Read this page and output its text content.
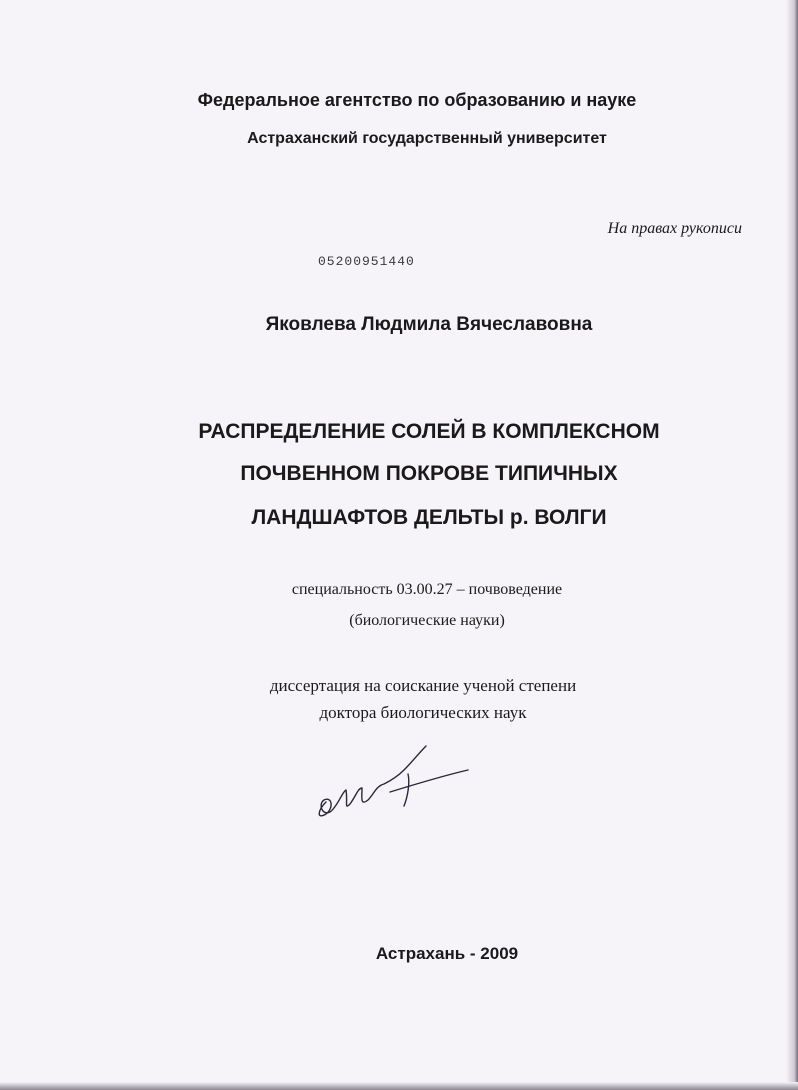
Федеральное агентство по образованию и науке
Астраханский государственный университет
На правах рукописи
05200951440
Яковлева Людмила Вячеславовна
РАСПРЕДЕЛЕНИЕ СОЛЕЙ В КОМПЛЕКСНОМ
ПОЧВЕННОМ ПОКРОВЕ ТИПИЧНЫХ
ЛАНДШАФТОВ ДЕЛЬТЫ р. ВОЛГИ
специальность 03.00.27 – почвоведение
(биологические науки)
диссертация на соискание ученой степени
доктора биологических наук
Астрахань - 2009
